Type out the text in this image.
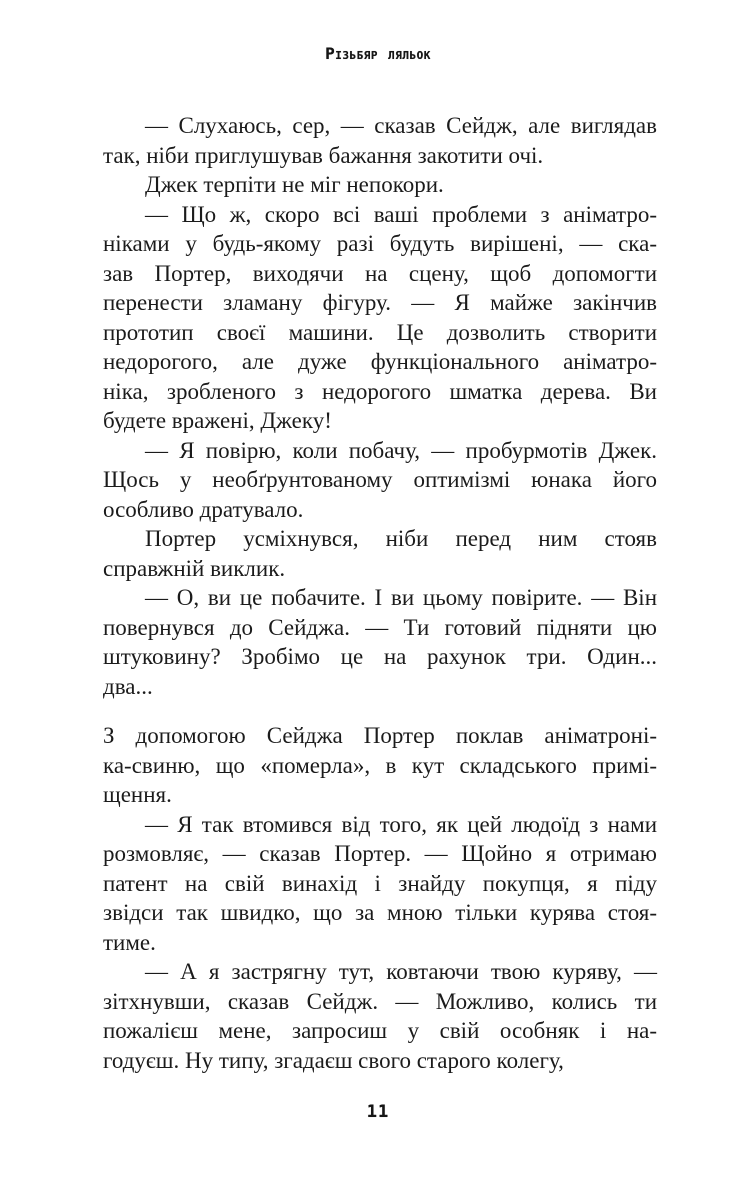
Різьбяр ляльок
— Слухаюсь, сер, — сказав Сейдж, але виглядав
так, ніби приглушував бажання закотити очі.
Джек терпіти не міг непокори.
— Що ж, скоро всі ваші проблеми з аніматро-
ніками у будь-якому разі будуть вирішені, — ска-
зав Портер, виходячи на сцену, щоб допомогти
перенести зламану фігуру. — Я майже закінчив
прототип своєї машини. Це дозволить створити
недорогого, але дуже функціонального аніматро-
ніка, зробленого з недорогого шматка дерева. Ви
будете вражені, Джеку!
— Я повірю, коли побачу, — пробурмотів Джек.
Щось у необґрунтованому оптимізмі юнака його
особливо дратувало.
Портер усміхнувся, ніби перед ним стояв
справжній виклик.
— О, ви це побачите. І ви цьому повірите. — Він
повернувся до Сейджа. — Ти готовий підняти цю
штуковину? Зробімо це на рахунок три. Один...
два...
З допомогою Сейджа Портер поклав аніматроні-
ка-свиню, що «померла», в кут складського примі-
щення.
— Я так втомився від того, як цей людоїд з нами
розмовляє, — сказав Портер. — Щойно я отримаю
патент на свій винахід і знайду покупця, я піду
звідси так швидко, що за мною тільки курява стоя-
тиме.
— А я застрягну тут, ковтаючи твою куряву, —
зітхнувши, сказав Сейдж. — Можливо, колись ти
пожалієш мене, запросиш у свій особняк і на-
годуєш. Ну типу, згадаєш свого старого колегу,
11
